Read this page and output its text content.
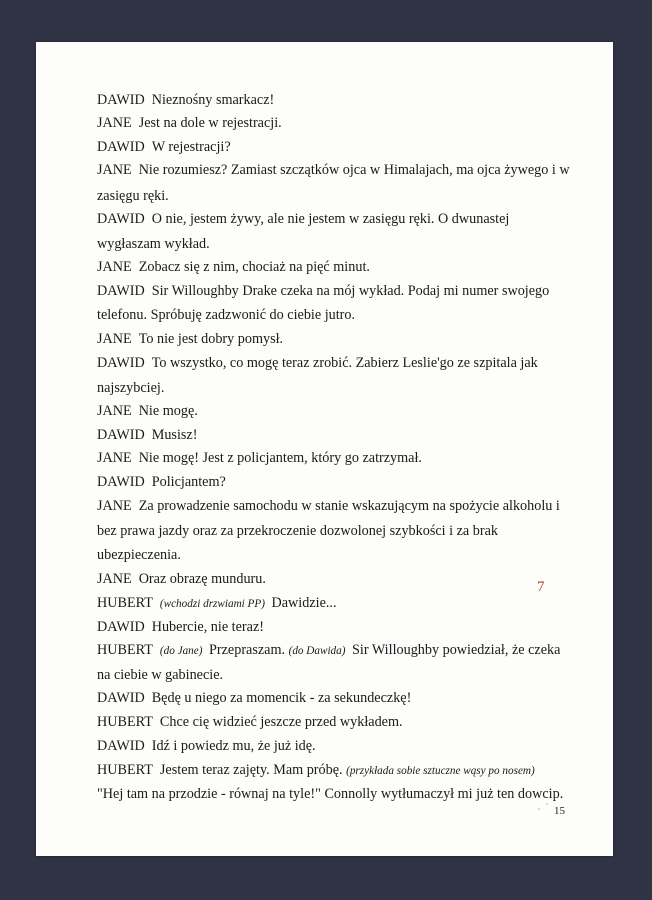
DAWID Nieznośny smarkacz!
JANE Jest na dole w rejestracji.
DAWID W rejestracji?
JANE Nie rozumiesz? Zamiast szczątków ojca w Himalajach, ma ojca żywego i w
zasięgu ręki.
DAWID O nie, jestem żywy, ale nie jestem w zasięgu ręki. O dwunastej
wygłaszam wykład.
JANE Zobacz się z nim, chociaż na pięć minut.
DAWID Sir Willoughby Drake czeka na mój wykład. Podaj mi numer swojego
telefonu. Spróbuję zadzwonić do ciebie jutro.
JANE To nie jest dobry pomysł.
DAWID To wszystko, co mogę teraz zrobić. Zabierz Leslie'go ze szpitala jak
najszybciej.
JANE Nie mogę.
DAWID Musisz!
JANE Nie mogę! Jest z policjantem, który go zatrzymał.
DAWID Policjantem?
JANE Za prowadzenie samochodu w stanie wskazującym na spożycie alkoholu i
bez prawa jazdy oraz za przekroczenie dozwolonej szybkości i za brak
ubezpieczenia.
JANE Oraz obrazę munduru.
HUBERT (wchodzi drzwiami PP) Dawidzie...
DAWID Hubercie, nie teraz!
HUBERT (do Jane) Przepraszam. (do Dawida) Sir Willoughby powiedział, że czeka
na ciebie w gabinecie.
DAWID Będę u niego za momencik - za sekundeczkę!
HUBERT Chce cię widzieć jeszcze przed wykładem.
DAWID Idź i powiedz mu, że już idę.
HUBERT Jestem teraz zajęty. Mam próbę. (przykłada sobie sztuczne wąsy po nosem)
"Hej tam na przodzie - równaj na tyle!" Connolly wytłumaczył mi już ten dowcip.
7
15
